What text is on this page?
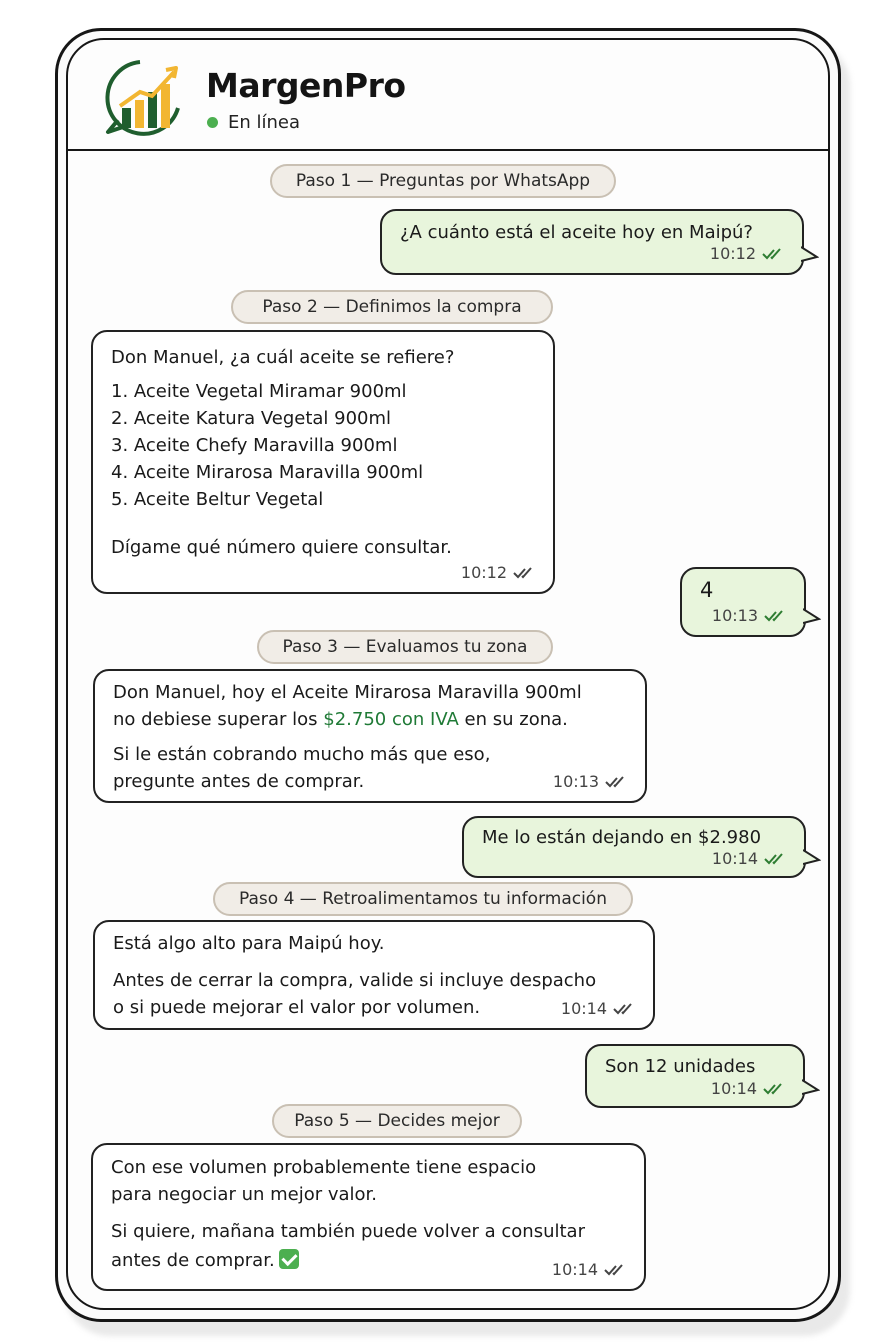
MargenPro
En línea
Paso 1 — Preguntas por WhatsApp
¿A cuánto está el aceite hoy en Maipú?
10:12
Paso 2 — Definimos la compra
Don Manuel, ¿a cuál aceite se refiere?
1. Aceite Vegetal Miramar 900ml
2. Aceite Katura Vegetal 900ml
3. Aceite Chefy Maravilla 900ml
4. Aceite Mirarosa Maravilla 900ml
5. Aceite Beltur Vegetal
Dígame qué número quiere consultar.
10:12
4
10:13
Paso 3 — Evaluamos tu zona
Don Manuel, hoy el Aceite Mirarosa Maravilla 900ml
no debiese superar los $2.750 con IVA en su zona.
Si le están cobrando mucho más que eso,
pregunte antes de comprar.	10:13
Me lo están dejando en $2.980
10:14
Paso 4 — Retroalimentamos tu información
Está algo alto para Maipú hoy.
Antes de cerrar la compra, valide si incluye despacho
o si puede mejorar el valor por volumen.	10:14
Son 12 unidades
10:14
Paso 5 — Decides mejor
Con ese volumen probablemente tiene espacio
para negociar un mejor valor.
Si quiere, mañana también puede volver a consultar
antes de comprar.	10:14
